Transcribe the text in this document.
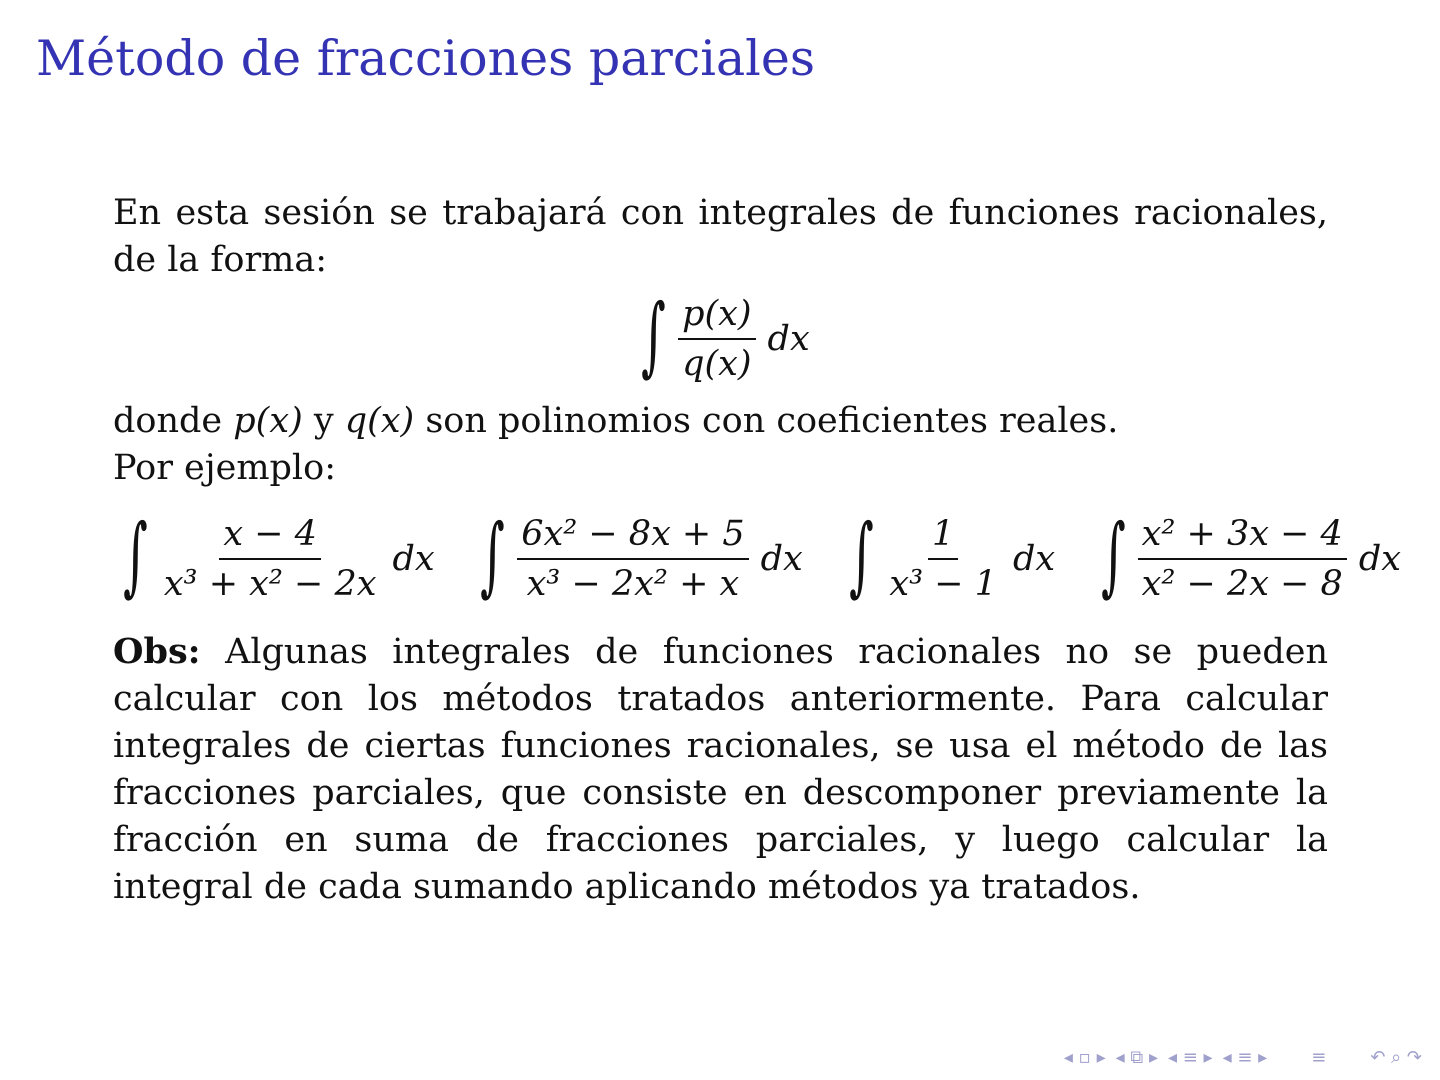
Método de fracciones parciales

En esta sesión se trabajará con integrales de funciones racionales, de la forma:

∫ $\frac{p(x)}{q(x)}$ dx

donde p(x) y q(x) son polinomios con coeficientes reales.

Por ejemplo:

∫ $\frac{x - 4}{\text{x³ + x² − 2x}}$ dx ∫ $\frac{\text{6x² − 8x + 5}}{\text{x³ − 2x² + x}}$ dx ∫ $\frac{1}{\text{x³ − 1}}$ dx ∫ $\frac{\text{x² + 3x − 4}}{\text{x² − 2x − 8}}$ dx

Obs: Algunas integrales de funciones racionales no se pueden calcular con los métodos tratados anteriormente. Para calcular integrales de ciertas funciones racionales, se usa el método de las fracciones parciales, que consiste en descomponer previamente la fracción en suma de fracciones parciales, y luego calcular la integral de cada sumando aplicando métodos ya tratados.

◂ ▫ ▸ ◂ ⧉ ▸ ◂ ≡ ▸ ◂ ≡ ▸ ≡ ↶ ⌕ ↷
